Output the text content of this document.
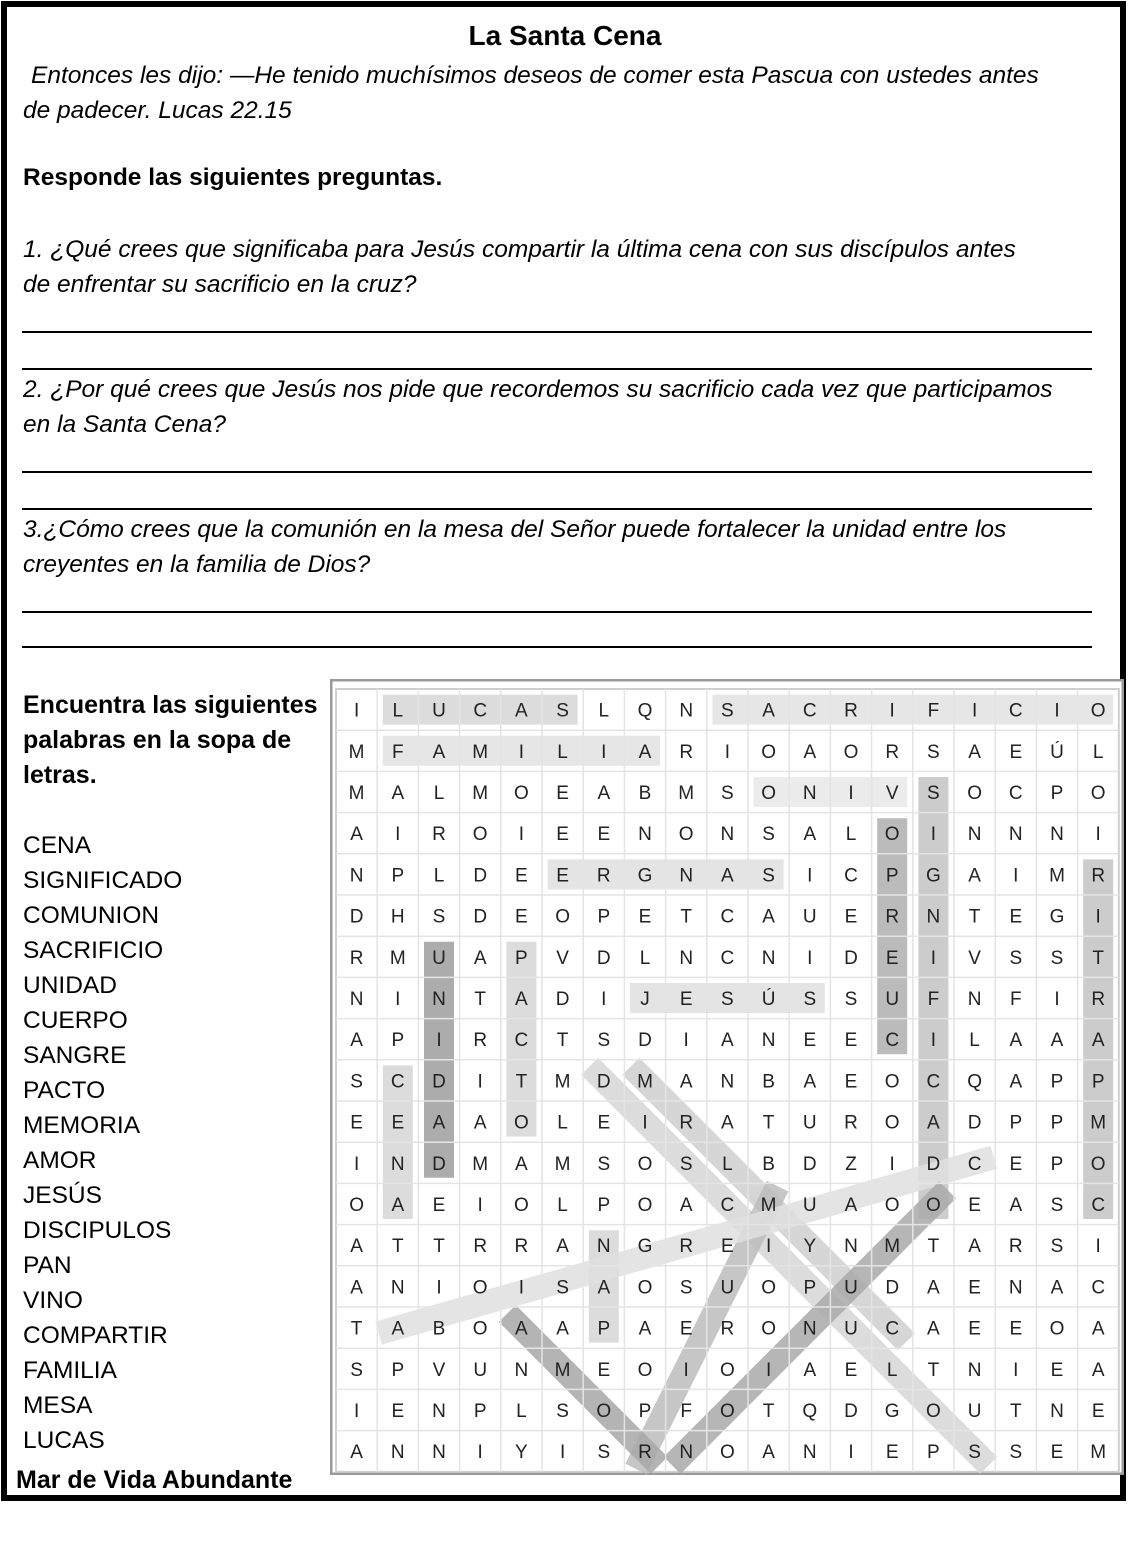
La Santa Cena
Entonces les dijo: —He tenido muchísimos deseos de comer esta Pascua con ustedes antes
de padecer. Lucas 22.15
Responde las siguientes preguntas.
1. ¿Qué crees que significaba para Jesús compartir la última cena con sus discípulos antes
de enfrentar su sacrificio en la cruz?
2. ¿Por qué crees que Jesús nos pide que recordemos su sacrificio cada vez que participamos
en la Santa Cena?
3.¿Cómo crees que la comunión en la mesa del Señor puede fortalecer la unidad entre los
creyentes en la familia de Dios?
Encuentra las siguientes
palabras en la sopa de
letras.
CENA
SIGNIFICADO
COMUNION
SACRIFICIO
UNIDAD
CUERPO
SANGRE
PACTO
MEMORIA
AMOR
JESÚS
DISCIPULOS
PAN
VINO
COMPARTIR
FAMILIA
MESA
LUCAS
I L U C A S L Q N S A C R I F I C I O
M F A M I L I A R I O A O R S A E Ú L
M A L M O E A B M S O N I V S O C P O
A I R O I E E N O N S A L O I N N N I
N P L D E E R G N A S I C P G A I M R
D H S D E O P E T C A U E R N T E G I
R M U A P V D L N C N I D E I V S S T
N I N T A D I J E S Ú S S U F N F I R
A P I R C T S D I A N E E C I L A A A
S C D I T M D M A N B A E O C Q A P P
E E A A O L E I R A T U R O A D P P M
I N D M A M S O S L B D Z I D C E P O
O A E I O L P O A C M U A O O E A S C
A T T R R A N G R E I Y N M T A R S I
A N I O I S A O S U O P U D A E N A C
T A B O A A P A E R O N U C A E E O A
S P V U N M E O I O I A E L T N I E A
I E N P L S O P F O T Q D G O U T N E
A N N I Y I S R N O A N I E P S S E M
Mar de Vida Abundante
